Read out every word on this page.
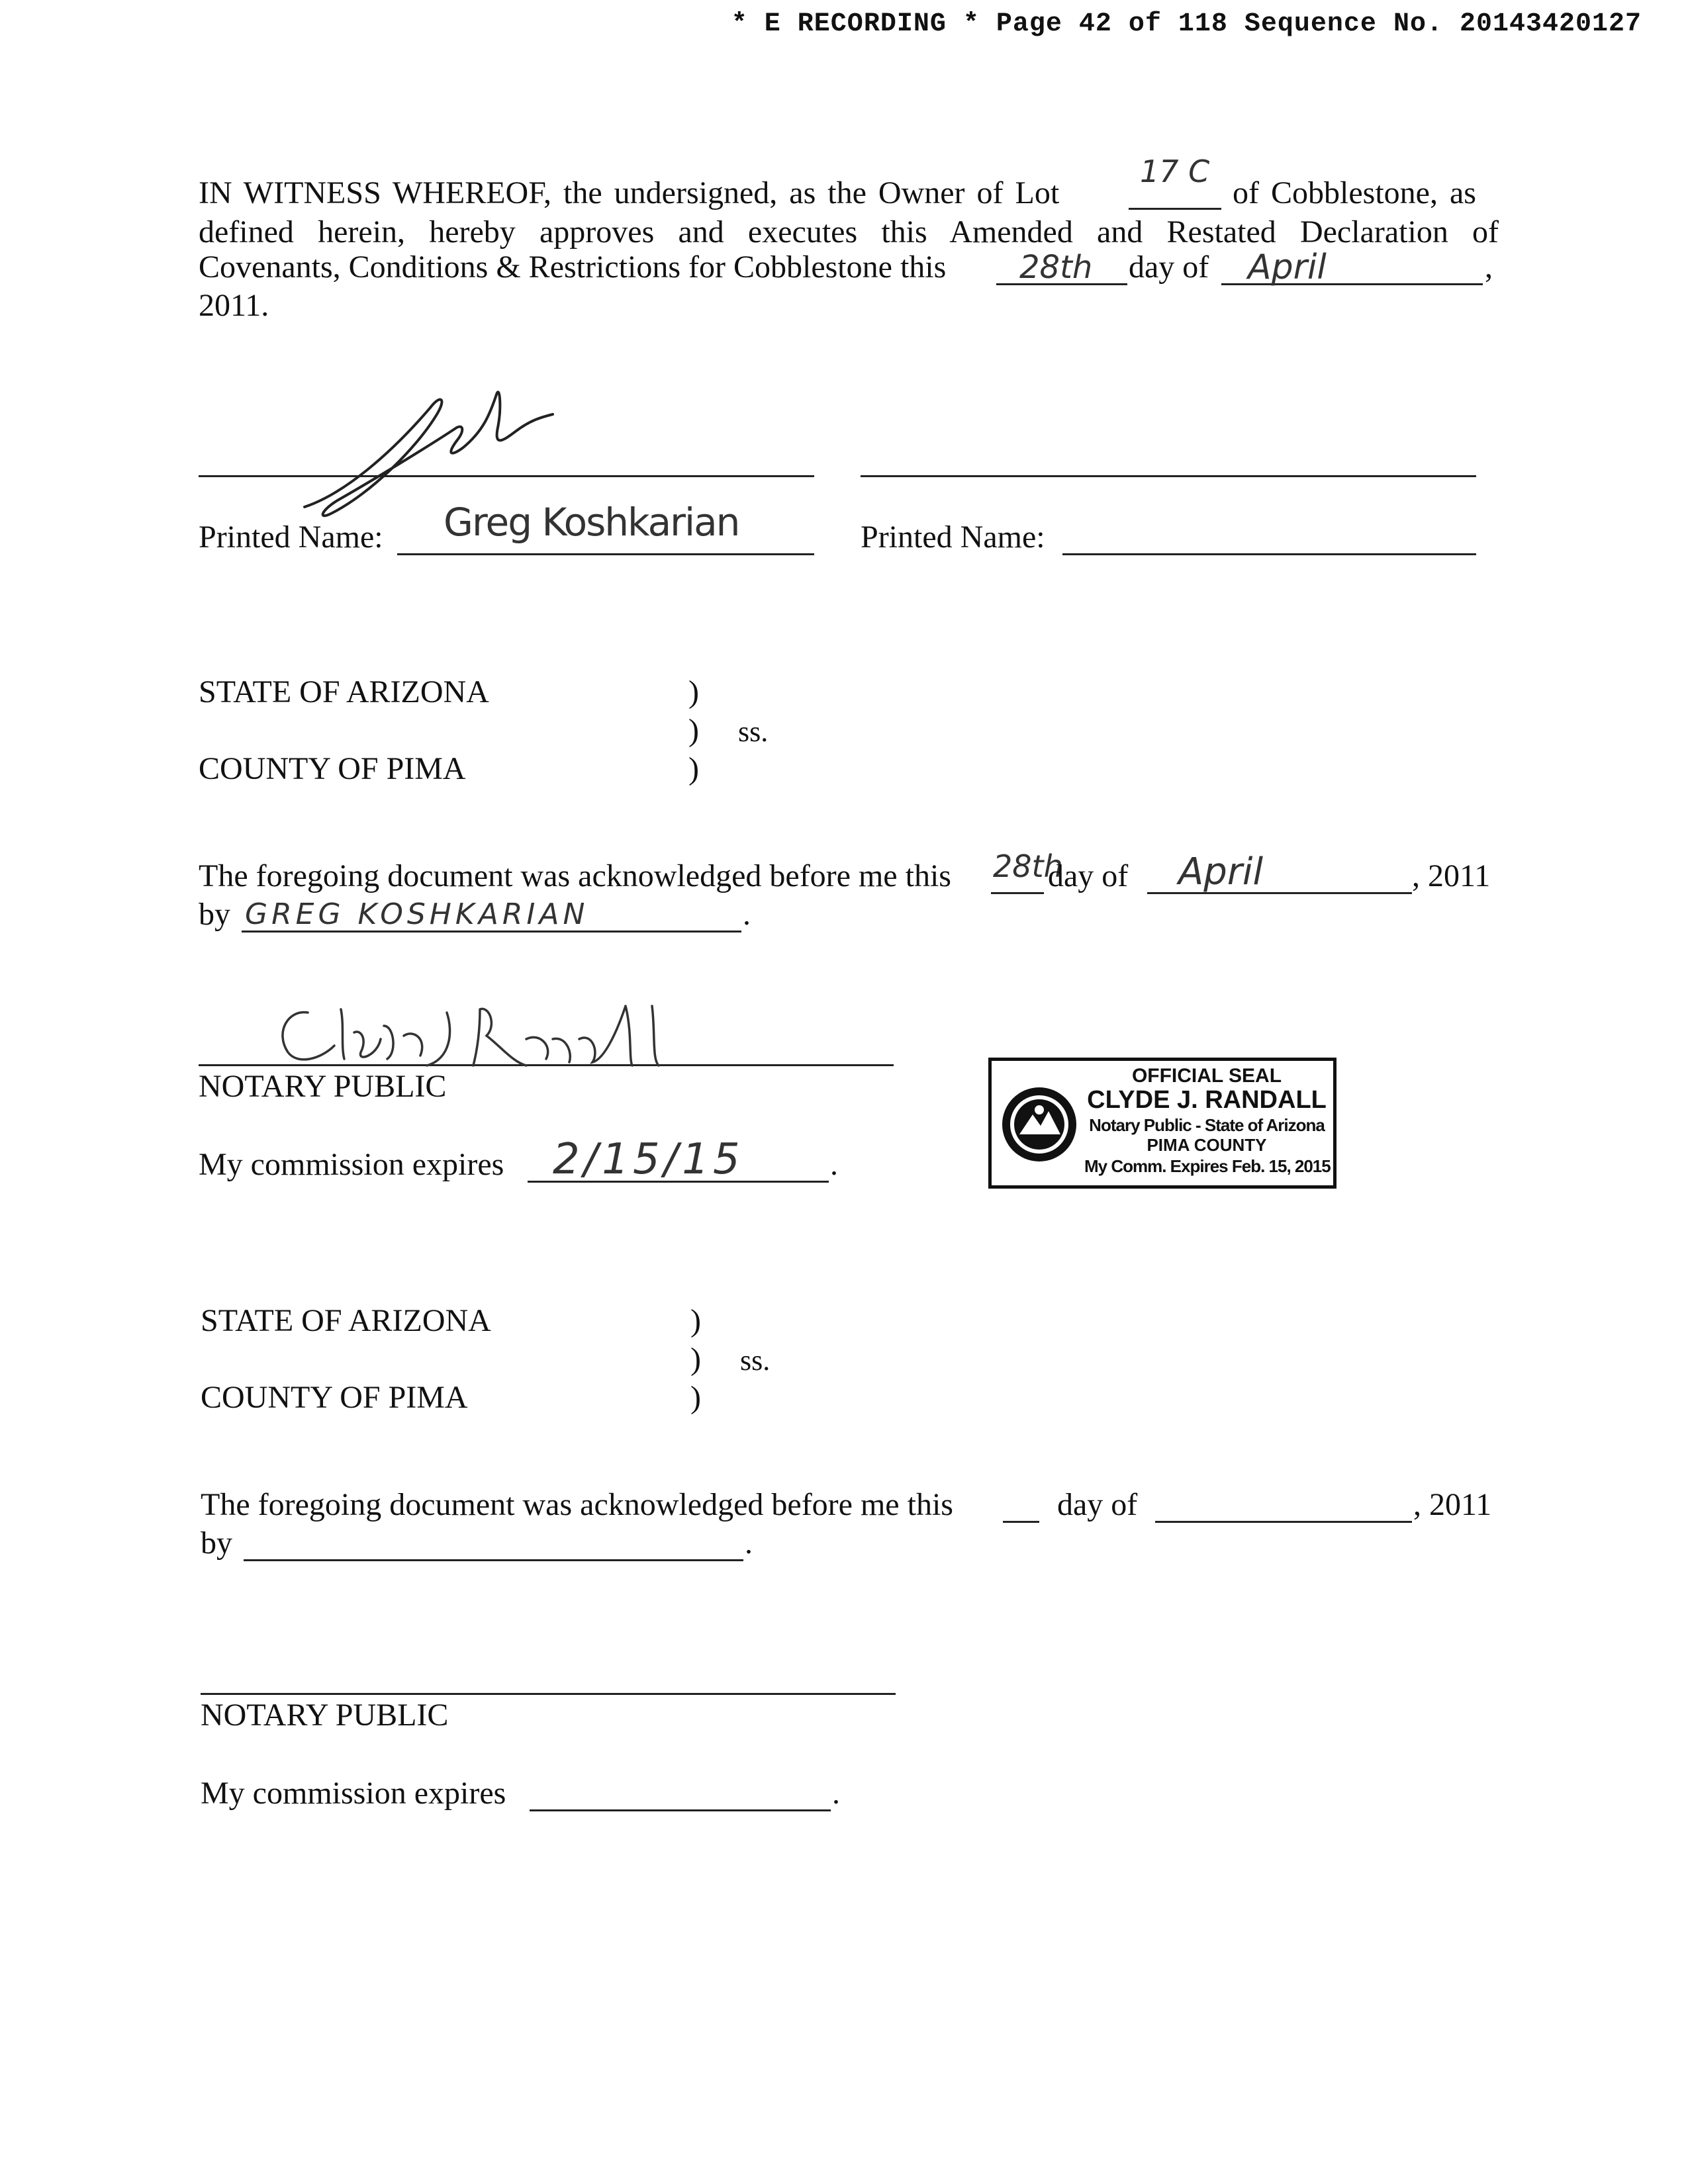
* E RECORDING * Page 42 of 118 Sequence No. 20143420127
IN WITNESS WHEREOF, the undersigned, as the Owner of Lot
17 C
of Cobblestone, as
defined herein, hereby approves and executes this Amended and Restated Declaration of
Covenants, Conditions & Restrictions for Cobblestone this 28th day of April	,
2011.
Printed Name: Greg Koshkarian	Printed Name:
STATE OF ARIZONA	)
) ss.
COUNTY OF PIMA	)
The foregoing document was acknowledged before me this 28th
day of April	, 2011
by GREG KOSHKARIAN	.
NOTARY PUBLIC
My commission expires 2/15/15	.
OFFICIAL SEAL
CLYDE J. RANDALL
Notary Public - State of Arizona
PIMA COUNTY
My Comm. Expires Feb. 15, 2015
STATE OF ARIZONA	)
) ss.
COUNTY OF PIMA	)
The foregoing document was acknowledged before me this	day of	, 2011
by	.
NOTARY PUBLIC
My commission expires	.
